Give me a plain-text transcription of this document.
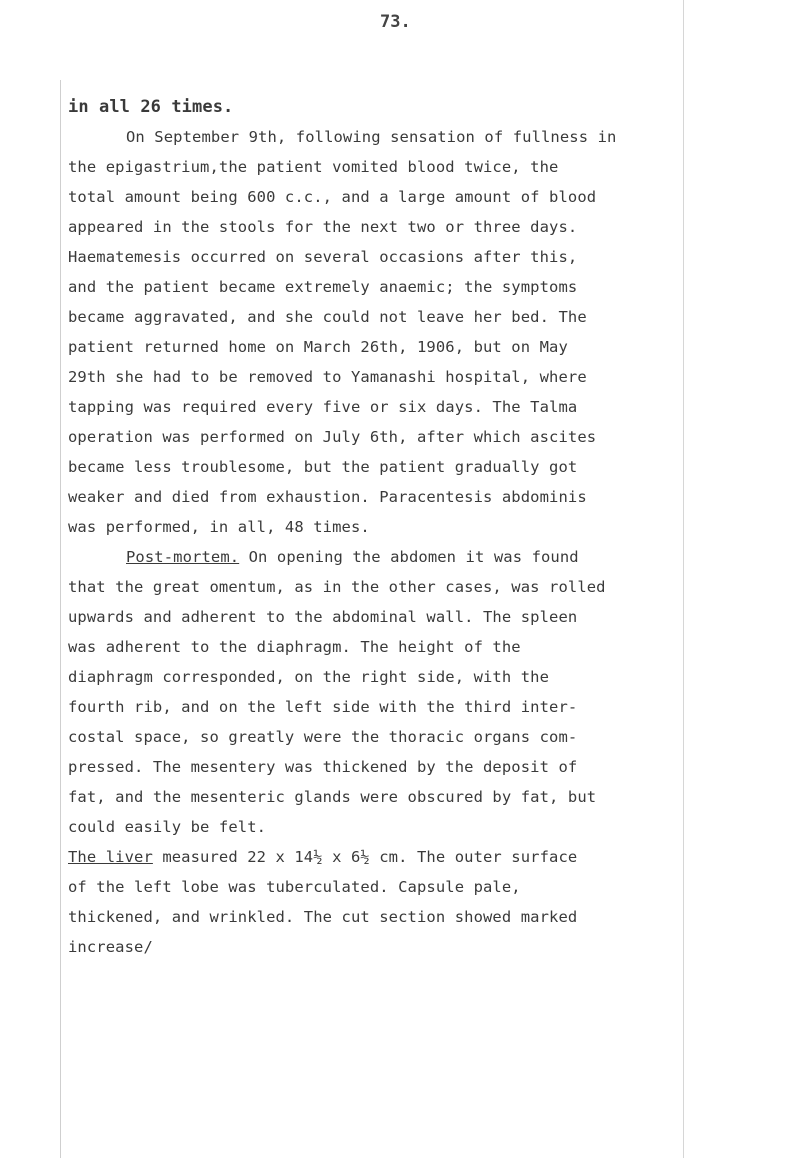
73.
in all 26 times.
On September 9th, following sensation of fullness in
the epigastrium,the patient vomited blood twice, the
total amount being 600 c.c., and a large amount of blood
appeared in the stools for the next two or three days.
Haematemesis occurred on several occasions after this,
and the patient became extremely anaemic; the symptoms
became aggravated, and she could not leave her bed. The
patient returned home on March 26th, 1906, but on May
29th she had to be removed to Yamanashi hospital, where
tapping was required every five or six days. The Talma
operation was performed on July 6th, after which ascites
became less troublesome, but the patient gradually got
weaker and died from exhaustion. Paracentesis abdominis
was performed, in all, 48 times.
Post-mortem. On opening the abdomen it was found
that the great omentum, as in the other cases, was rolled
upwards and adherent to the abdominal wall. The spleen
was adherent to the diaphragm. The height of the
diaphragm corresponded, on the right side, with the
fourth rib, and on the left side with the third inter-
costal space, so greatly were the thoracic organs com-
pressed. The mesentery was thickened by the deposit of
fat, and the mesenteric glands were obscured by fat, but
could easily be felt.
The liver measured 22 x 14½ x 6½ cm. The outer surface
of the left lobe was tuberculated. Capsule pale,
thickened, and wrinkled. The cut section showed marked
increase/
